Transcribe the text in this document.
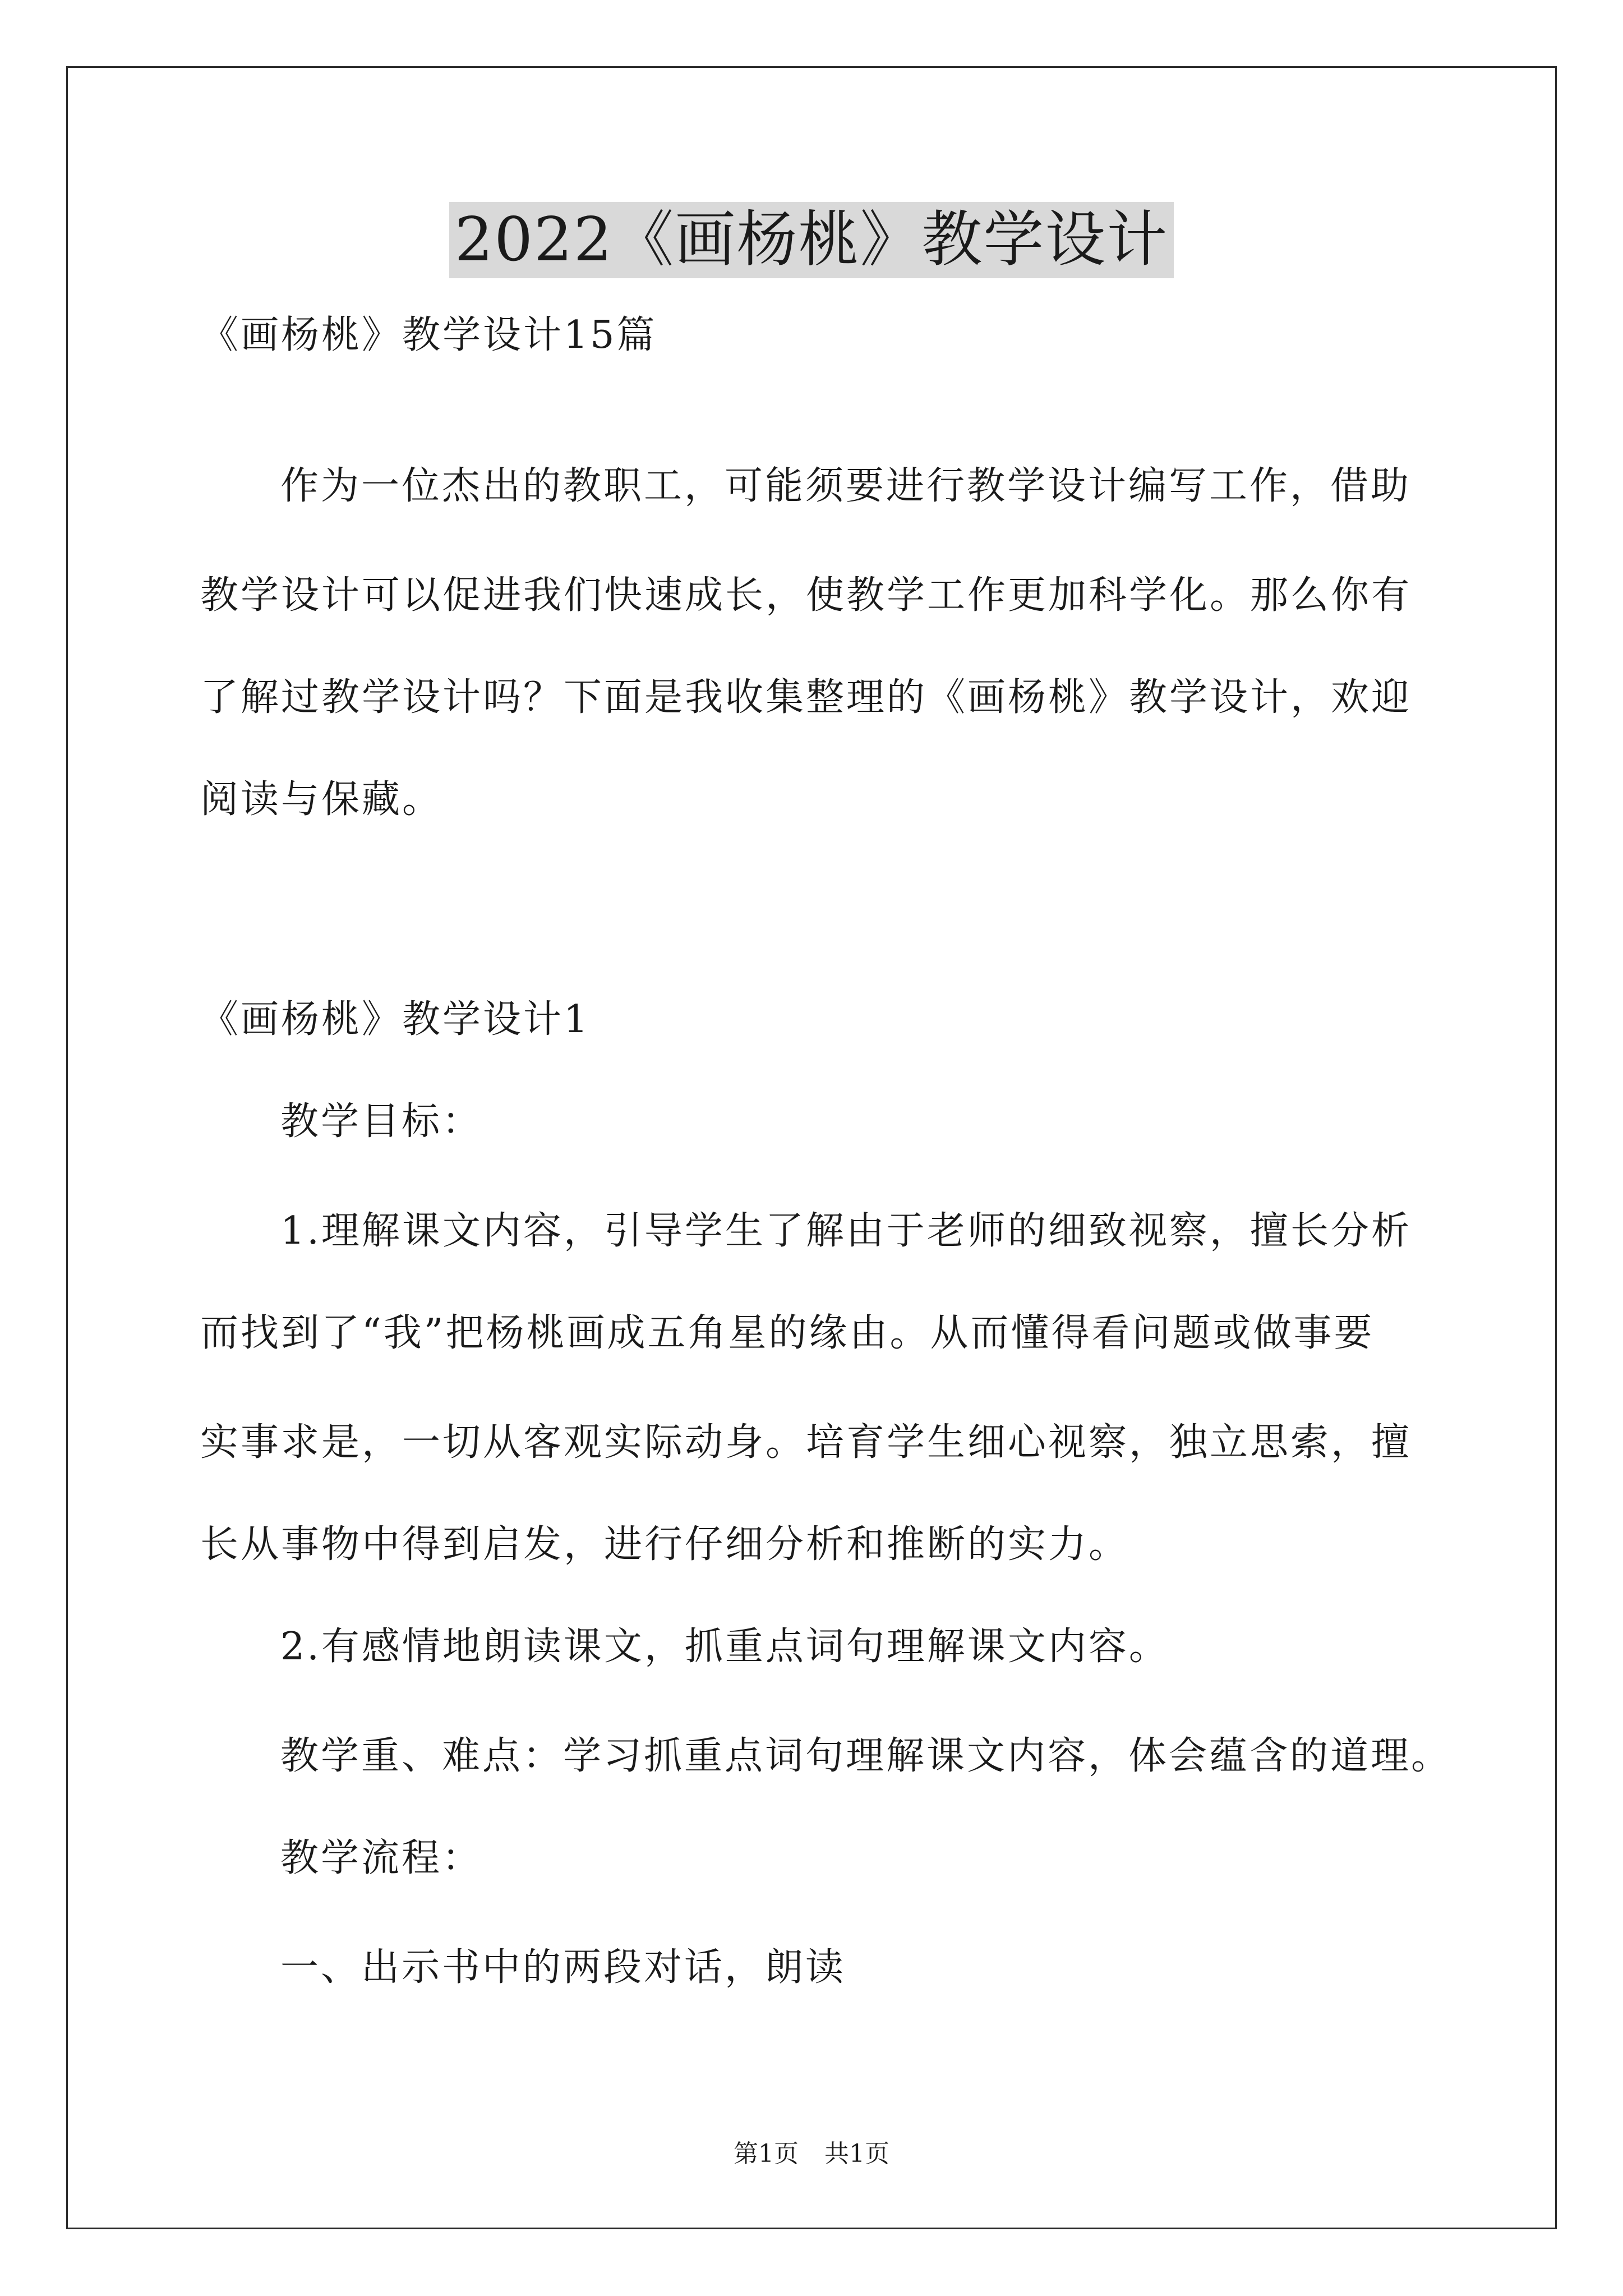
2022《画杨桃》教学设计
《画杨桃》教学设计15篇
作为一位杰出的教职工，可能须要进行教学设计编写工作，借助
教学设计可以促进我们快速成长，使教学工作更加科学化。那么你有
了解过教学设计吗？下面是我收集整理的《画杨桃》教学设计，欢迎
阅读与保藏。
《画杨桃》教学设计1
教学目标：
1.理解课文内容，引导学生了解由于老师的细致视察，擅长分析
而找到了“我”把杨桃画成五角星的缘由。从而懂得看问题或做事要
实事求是，一切从客观实际动身。培育学生细心视察，独立思索，擅
长从事物中得到启发，进行仔细分析和推断的实力。
2.有感情地朗读课文，抓重点词句理解课文内容。
教学重、难点：学习抓重点词句理解课文内容，体会蕴含的道理。
教学流程：
一、出示书中的两段对话，朗读
第1页 共1页
